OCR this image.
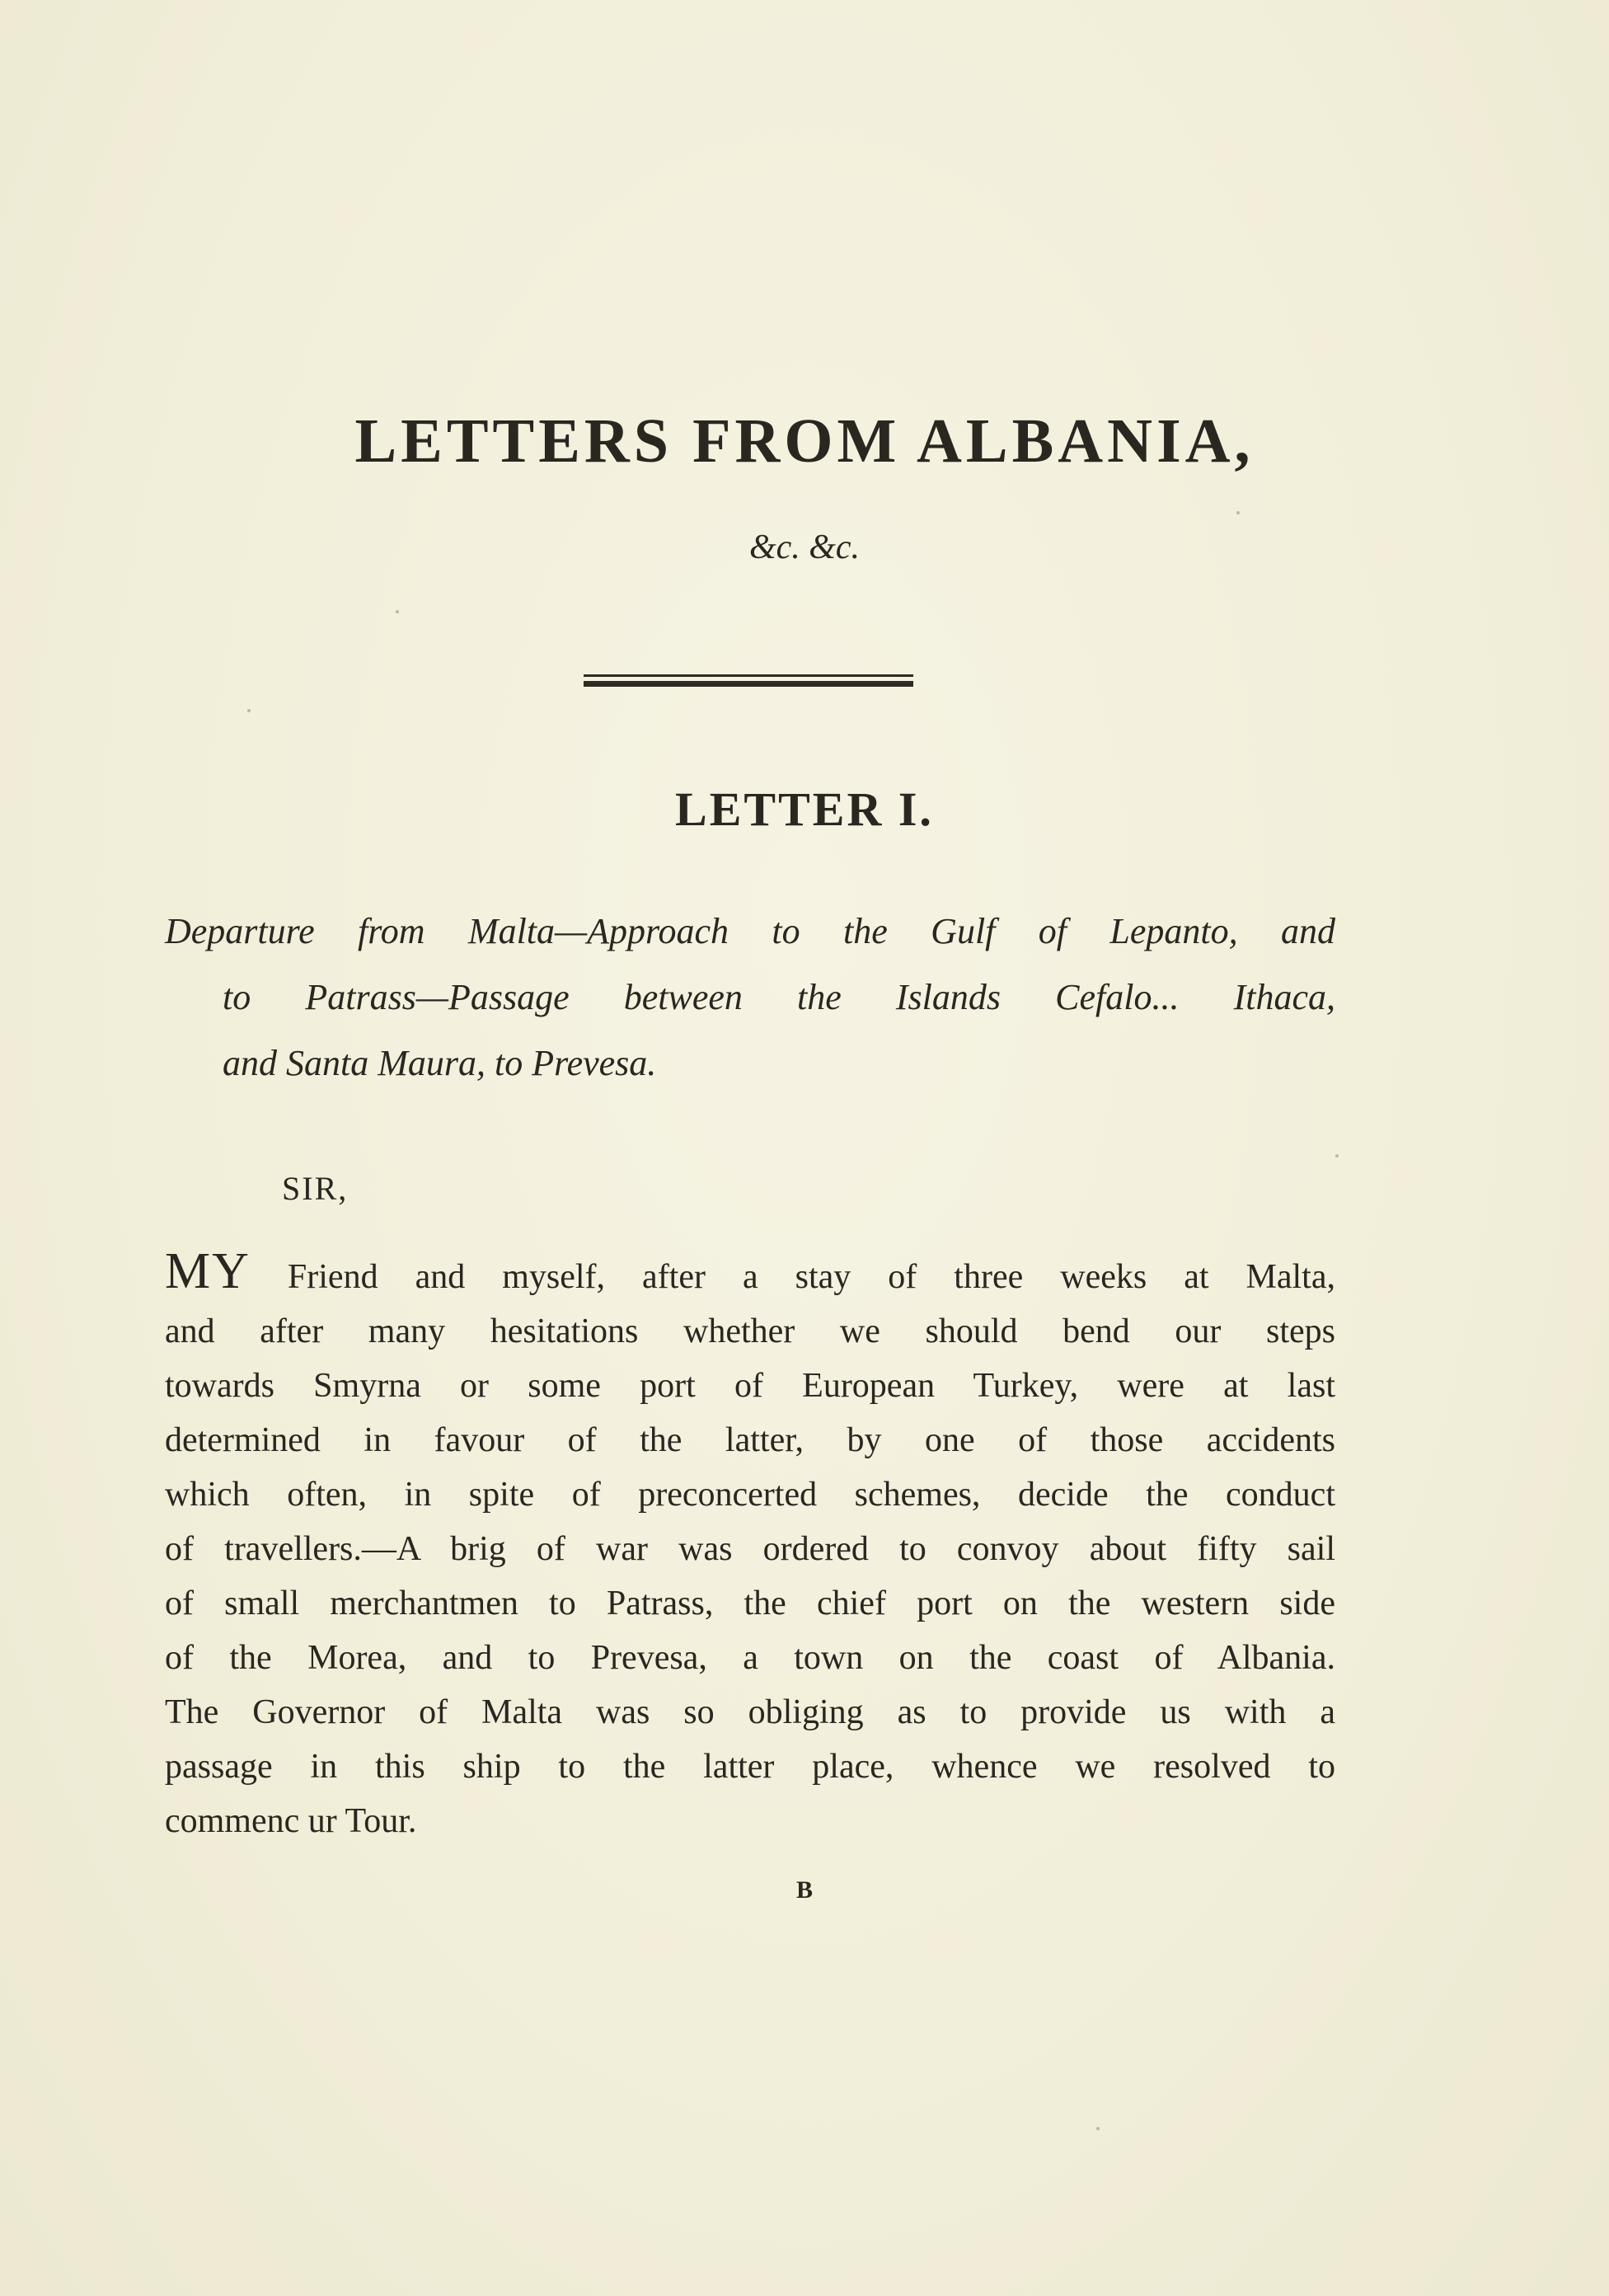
LETTERS FROM ALBANIA,
&c. &c.
LETTER I.
Departure from Malta—Approach to the Gulf of Lepanto, and
to Patrass—Passage between the Islands Cefalo... Ithaca,
and Santa Maura, to Prevesa.
SIR,
MY Friend and myself, after a stay of three weeks at Malta,
and after many hesitations whether we should bend our steps
towards Smyrna or some port of European Turkey, were at last
determined in favour of the latter, by one of those accidents
which often, in spite of preconcerted schemes, decide the conduct
of travellers.—A brig of war was ordered to convoy about fifty sail
of small merchantmen to Patrass, the chief port on the western side
of the Morea, and to Prevesa, a town on the coast of Albania.
The Governor of Malta was so obliging as to provide us with a
passage in this ship to the latter place, whence we resolved to
commenc ur Tour.
B
